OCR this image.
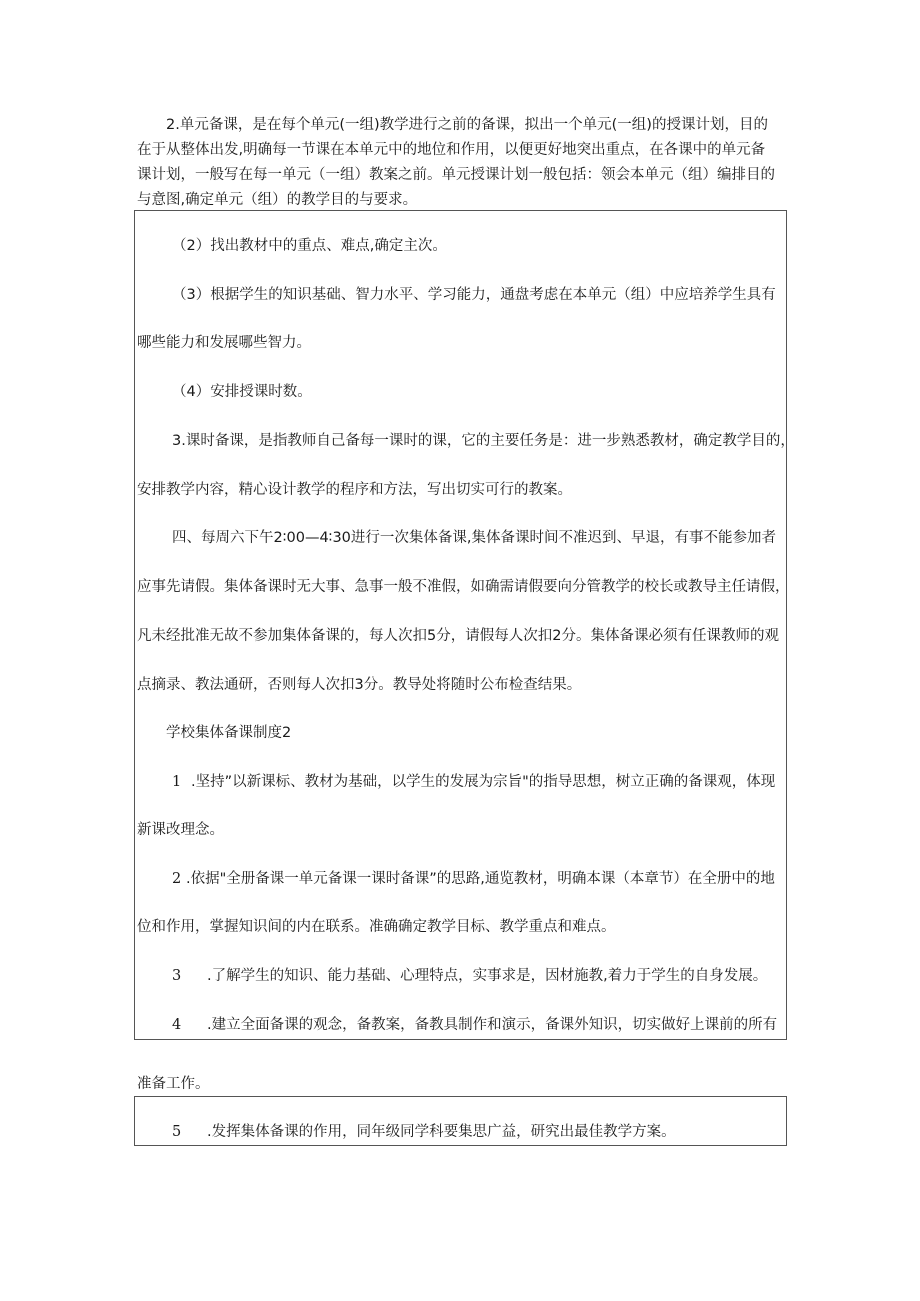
2.单元备课，是在每个单元(一组)教学进行之前的备课，拟出一个单元(一组)的授课计划，目的
在于从整体出发,明确每一节课在本单元中的地位和作用，以便更好地突出重点，在各课中的单元备
课计划，一般写在每一单元（一组）教案之前。单元授课计划一般包括：领会本单元（组）编排目的
与意图,确定单元（组）的教学目的与要求。
（2）找出教材中的重点、难点,确定主次。
（3）根据学生的知识基础、智力水平、学习能力，通盘考虑在本单元（组）中应培养学生具有
哪些能力和发展哪些智力。
（4）安排授课时数。
3.课时备课，是指教师自己备每一课时的课，它的主要任务是：进一步熟悉教材，确定教学目的，
安排教学内容，精心设计教学的程序和方法，写出切实可行的教案。
四、每周六下午2∶00—4∶30进行一次集体备课,集体备课时间不准迟到、早退，有事不能参加者
应事先请假。集体备课时无大事、急事一般不准假，如确需请假要向分管教学的校长或教导主任请假，
凡未经批准无故不参加集体备课的，每人次扣5分，请假每人次扣2分。集体备课必须有任课教师的观
点摘录、教法通研，否则每人次扣3分。教导处将随时公布检查结果。
学校集体备课制度2
1 .坚持”以新课标、教材为基础，以学生的发展为宗旨"的指导思想，树立正确的备课观，体现
新课改理念。
2 .依据"全册备课一单元备课一课时备课”的思路,通览教材，明确本课（本章节）在全册中的地
位和作用，掌握知识间的内在联系。准确确定教学目标、教学重点和难点。
3 .了解学生的知识、能力基础、心理特点，实事求是，因材施教,着力于学生的自身发展。
4 .建立全面备课的观念，备教案，备教具制作和演示，备课外知识，切实做好上课前的所有
准备工作。
5 .发挥集体备课的作用，同年级同学科要集思广益，研究出最佳教学方案。
